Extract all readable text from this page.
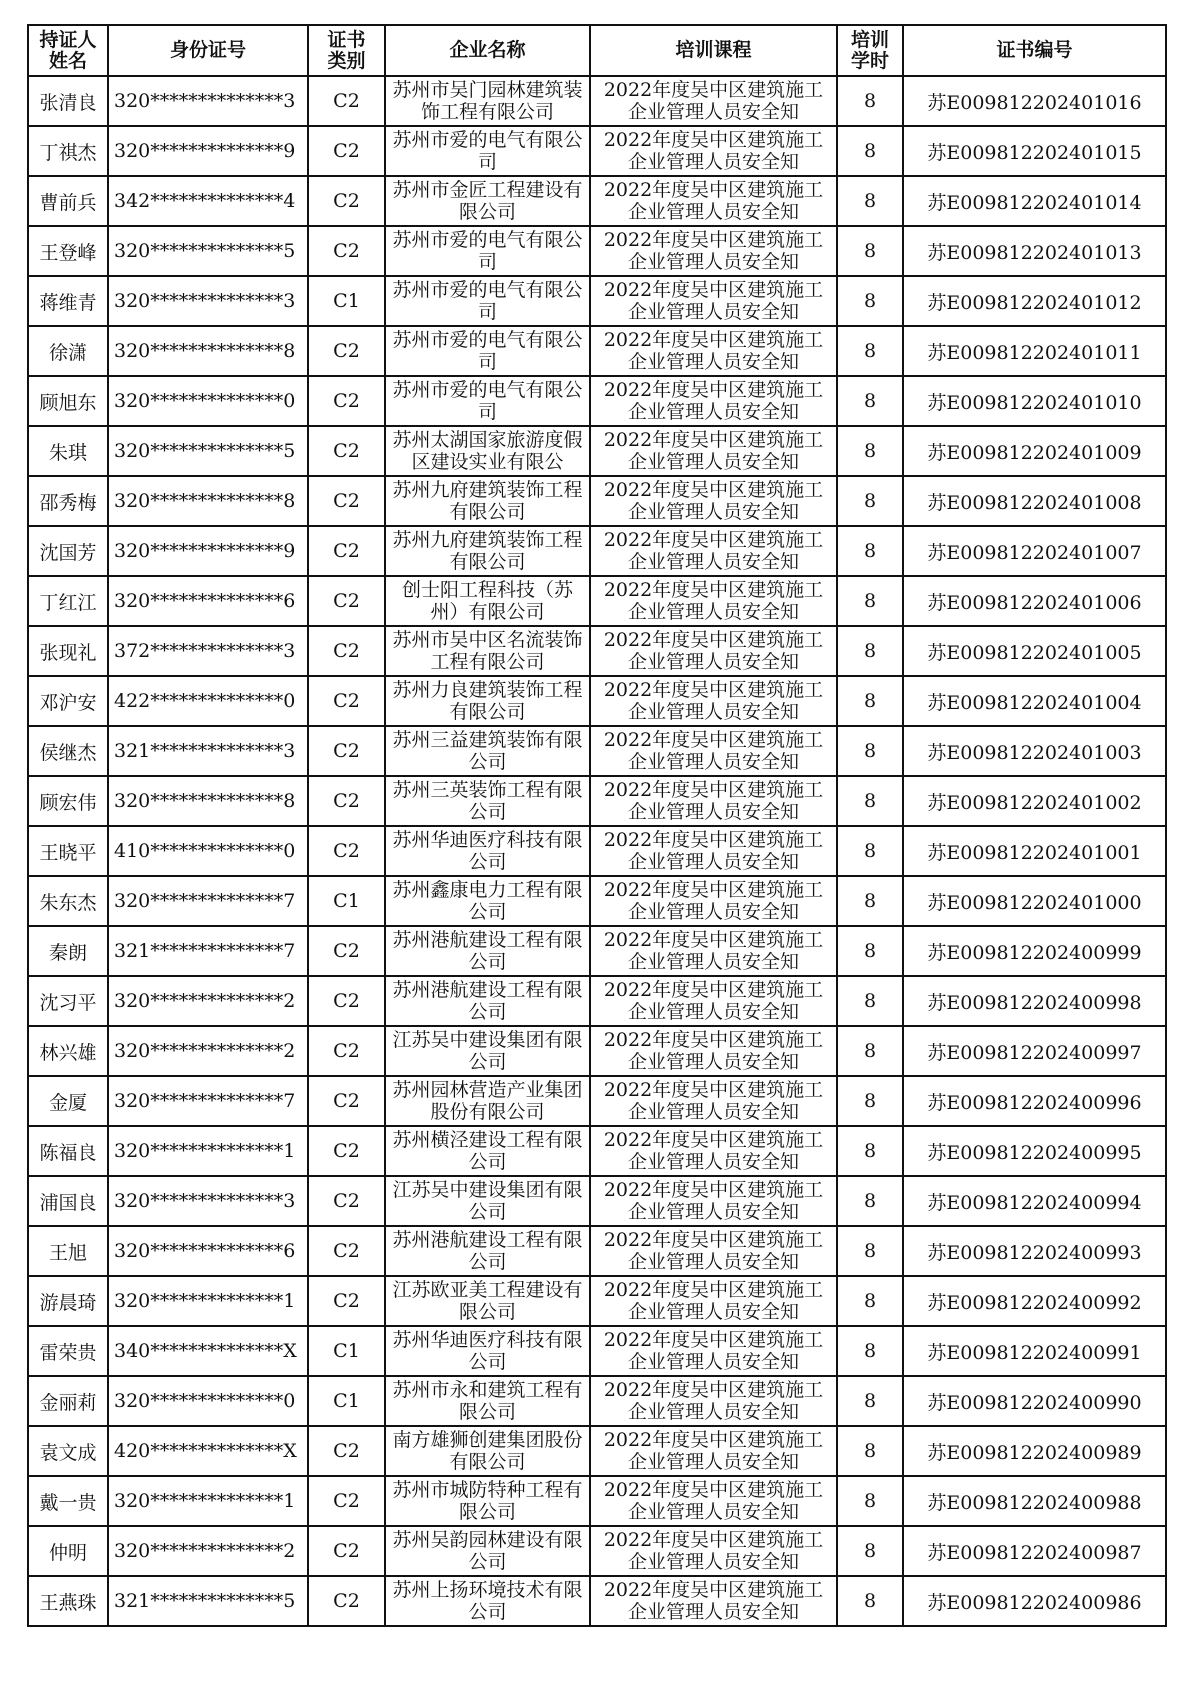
持证人姓名	身份证号	证书类别	企业名称	培训课程	培训学时	证书编号
张清良	320**************3	C2	苏州市吴门园林建筑装饰工程有限公司	2022年度吴中区建筑施工企业管理人员安全知	8	苏E009812202401016
丁祺杰	320**************9	C2	苏州市爱的电气有限公司	2022年度吴中区建筑施工企业管理人员安全知	8	苏E009812202401015
曹前兵	342**************4	C2	苏州市金匠工程建设有限公司	2022年度吴中区建筑施工企业管理人员安全知	8	苏E009812202401014
王登峰	320**************5	C2	苏州市爱的电气有限公司	2022年度吴中区建筑施工企业管理人员安全知	8	苏E009812202401013
蒋维青	320**************3	C1	苏州市爱的电气有限公司	2022年度吴中区建筑施工企业管理人员安全知	8	苏E009812202401012
徐潇	320**************8	C2	苏州市爱的电气有限公司	2022年度吴中区建筑施工企业管理人员安全知	8	苏E009812202401011
顾旭东	320**************0	C2	苏州市爱的电气有限公司	2022年度吴中区建筑施工企业管理人员安全知	8	苏E009812202401010
朱琪	320**************5	C2	苏州太湖国家旅游度假区建设实业有限公	2022年度吴中区建筑施工企业管理人员安全知	8	苏E009812202401009
邵秀梅	320**************8	C2	苏州九府建筑装饰工程有限公司	2022年度吴中区建筑施工企业管理人员安全知	8	苏E009812202401008
沈国芳	320**************9	C2	苏州九府建筑装饰工程有限公司	2022年度吴中区建筑施工企业管理人员安全知	8	苏E009812202401007
丁红江	320**************6	C2	创士阳工程科技（苏州）有限公司	2022年度吴中区建筑施工企业管理人员安全知	8	苏E009812202401006
张现礼	372**************3	C2	苏州市吴中区名流装饰工程有限公司	2022年度吴中区建筑施工企业管理人员安全知	8	苏E009812202401005
邓沪安	422**************0	C2	苏州力良建筑装饰工程有限公司	2022年度吴中区建筑施工企业管理人员安全知	8	苏E009812202401004
侯继杰	321**************3	C2	苏州三益建筑装饰有限公司	2022年度吴中区建筑施工企业管理人员安全知	8	苏E009812202401003
顾宏伟	320**************8	C2	苏州三英装饰工程有限公司	2022年度吴中区建筑施工企业管理人员安全知	8	苏E009812202401002
王晓平	410**************0	C2	苏州华迪医疗科技有限公司	2022年度吴中区建筑施工企业管理人员安全知	8	苏E009812202401001
朱东杰	320**************7	C1	苏州鑫康电力工程有限公司	2022年度吴中区建筑施工企业管理人员安全知	8	苏E009812202401000
秦朗	321**************7	C2	苏州港航建设工程有限公司	2022年度吴中区建筑施工企业管理人员安全知	8	苏E009812202400999
沈习平	320**************2	C2	苏州港航建设工程有限公司	2022年度吴中区建筑施工企业管理人员安全知	8	苏E009812202400998
林兴雄	320**************2	C2	江苏吴中建设集团有限公司	2022年度吴中区建筑施工企业管理人员安全知	8	苏E009812202400997
金厦	320**************7	C2	苏州园林营造产业集团股份有限公司	2022年度吴中区建筑施工企业管理人员安全知	8	苏E009812202400996
陈福良	320**************1	C2	苏州横泾建设工程有限公司	2022年度吴中区建筑施工企业管理人员安全知	8	苏E009812202400995
浦国良	320**************3	C2	江苏吴中建设集团有限公司	2022年度吴中区建筑施工企业管理人员安全知	8	苏E009812202400994
王旭	320**************6	C2	苏州港航建设工程有限公司	2022年度吴中区建筑施工企业管理人员安全知	8	苏E009812202400993
游晨琦	320**************1	C2	江苏欧亚美工程建设有限公司	2022年度吴中区建筑施工企业管理人员安全知	8	苏E009812202400992
雷荣贵	340**************X	C1	苏州华迪医疗科技有限公司	2022年度吴中区建筑施工企业管理人员安全知	8	苏E009812202400991
金丽莉	320**************0	C1	苏州市永和建筑工程有限公司	2022年度吴中区建筑施工企业管理人员安全知	8	苏E009812202400990
袁文成	420**************X	C2	南方雄狮创建集团股份有限公司	2022年度吴中区建筑施工企业管理人员安全知	8	苏E009812202400989
戴一贵	320**************1	C2	苏州市城防特种工程有限公司	2022年度吴中区建筑施工企业管理人员安全知	8	苏E009812202400988
仲明	320**************2	C2	苏州吴韵园林建设有限公司	2022年度吴中区建筑施工企业管理人员安全知	8	苏E009812202400987
王燕珠	321**************5	C2	苏州上扬环境技术有限公司	2022年度吴中区建筑施工企业管理人员安全知	8	苏E009812202400986
